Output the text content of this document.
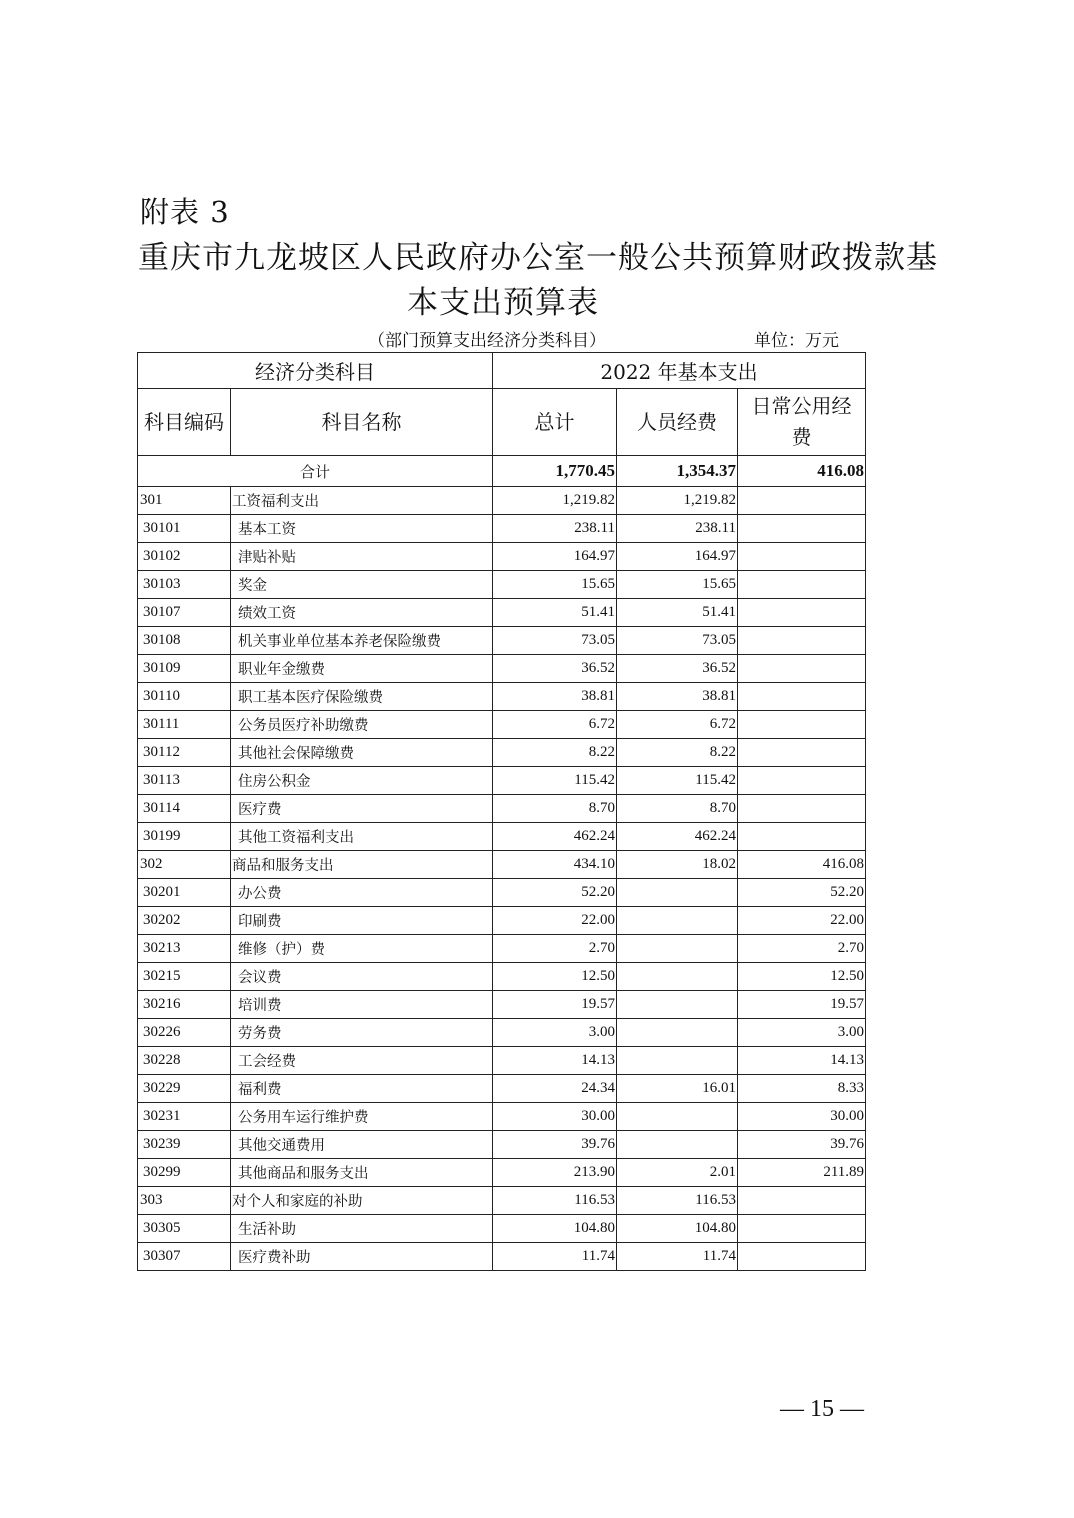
附表 3
重庆市九龙坡区人民政府办公室一般公共预算财政拨款基
本支出预算表
（部门预算支出经济分类科目）	单位：万元
经济分类科目		2022 年基本支出		
科目编码	科目名称	总计	人员经费	日常公用经
费
合计		1,770.45	1,354.37	416.08
301	工资福利支出	1,219.82	1,219.82	
30101	基本工资	238.11	238.11	
30102	津贴补贴	164.97	164.97	
30103	奖金	15.65	15.65	
30107	绩效工资	51.41	51.41	
30108	机关事业单位基本养老保险缴费	73.05	73.05	
30109	职业年金缴费	36.52	36.52	
30110	职工基本医疗保险缴费	38.81	38.81	
30111	公务员医疗补助缴费	6.72	6.72	
30112	其他社会保障缴费	8.22	8.22	
30113	住房公积金	115.42	115.42	
30114	医疗费	8.70	8.70	
30199	其他工资福利支出	462.24	462.24	
302	商品和服务支出	434.10	18.02	416.08
30201	办公费	52.20		52.20
30202	印刷费	22.00		22.00
30213	维修（护）费	2.70		2.70
30215	会议费	12.50		12.50
30216	培训费	19.57		19.57
30226	劳务费	3.00		3.00
30228	工会经费	14.13		14.13
30229	福利费	24.34	16.01	8.33
30231	公务用车运行维护费	30.00		30.00
30239	其他交通费用	39.76		39.76
30299	其他商品和服务支出	213.90	2.01	211.89
303	对个人和家庭的补助	116.53	116.53	
30305	生活补助	104.80	104.80	
30307	医疗费补助	11.74	11.74	
— 15 —
